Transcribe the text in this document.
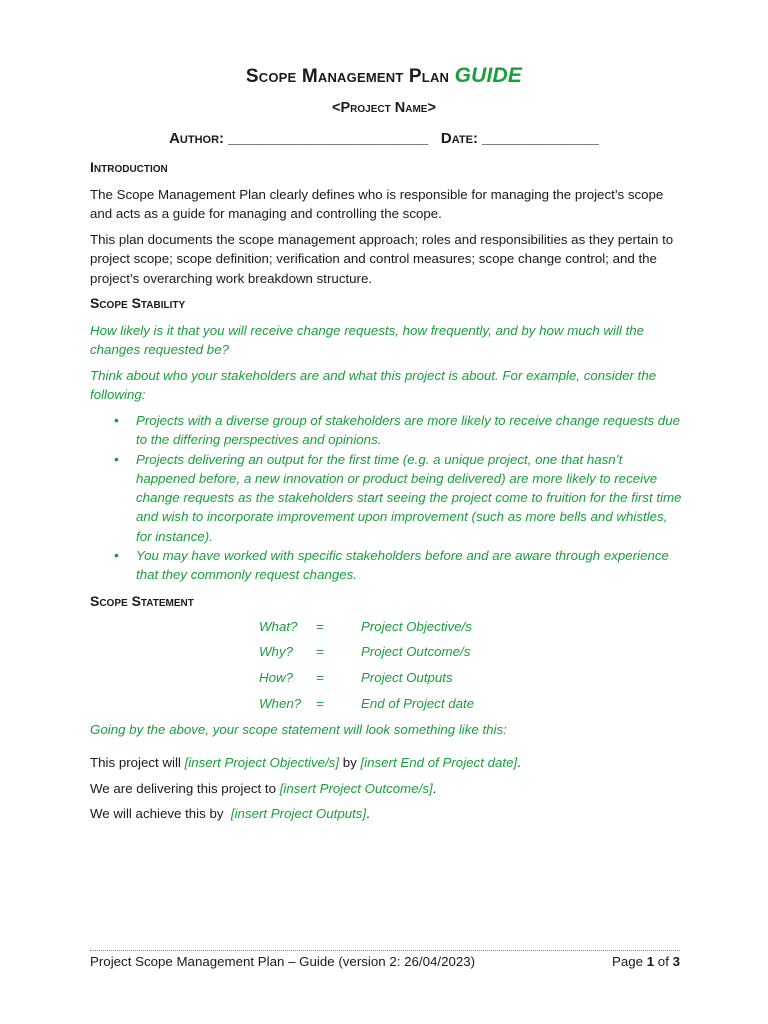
Scope Management Plan GUIDE
<Project Name>
Author: ________________________ Date: ______________
Introduction
The Scope Management Plan clearly defines who is responsible for managing the project’s scope and acts as a guide for managing and controlling the scope.
This plan documents the scope management approach; roles and responsibilities as they pertain to project scope; scope definition; verification and control measures; scope change control; and the project’s overarching work breakdown structure.
Scope Stability
How likely is it that you will receive change requests, how frequently, and by how much will the changes requested be?
Think about who your stakeholders are and what this project is about. For example, consider the following:
• Projects with a diverse group of stakeholders are more likely to receive change requests due to the differing perspectives and opinions.
• Projects delivering an output for the first time (e.g. a unique project, one that hasn’t happened before, a new innovation or product being delivered) are more likely to receive change requests as the stakeholders start seeing the project come to fruition for the first time and wish to incorporate improvement upon improvement (such as more bells and whistles, for instance).
• You may have worked with specific stakeholders before and are aware through experience that they commonly request changes.
Scope Statement
What? =	Project Objective/s
Why? =	Project Outcome/s
How? =	Project Outputs
When? =	End of Project date
Going by the above, your scope statement will look something like this:
This project will [insert Project Objective/s] by [insert End of Project date].
We are delivering this project to [insert Project Outcome/s].
We will achieve this by  [insert Project Outputs].
Project Scope Management Plan – Guide (version 2: 26/04/2023)	Page 1 of 3
